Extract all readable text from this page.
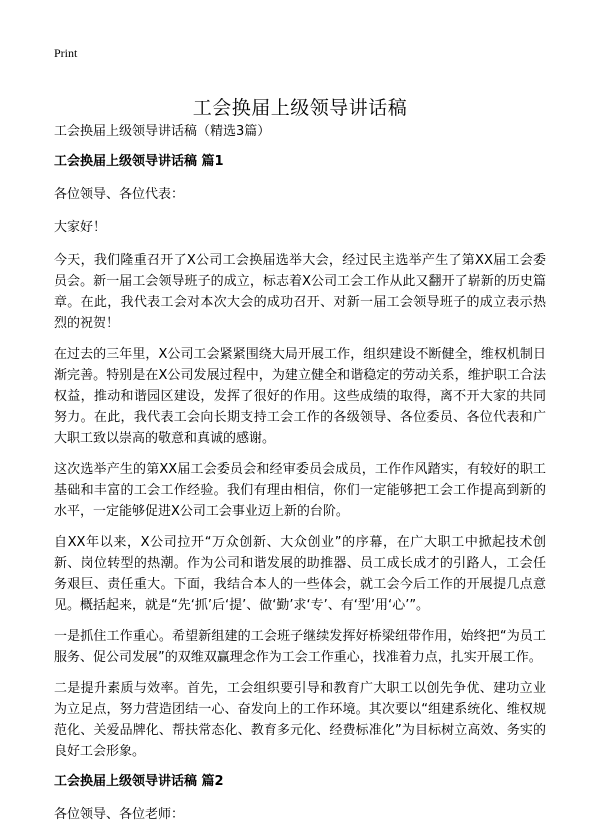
Print
工会换届上级领导讲话稿

工会换届上级领导讲话稿（精选3篇）

工会换届上级领导讲话稿 篇1

各位领导、各位代表：

大家好！

今天，我们隆重召开了X公司工会换届选举大会，经过民主选举产生了第XX届工会委员会。新一届工会领导班子的成立，标志着X公司工会工作从此又翻开了崭新的历史篇章。在此，我代表工会对本次大会的成功召开、对新一届工会领导班子的成立表示热烈的祝贺！

在过去的三年里，X公司工会紧紧围绕大局开展工作，组织建设不断健全，维权机制日渐完善。特别是在X公司发展过程中，为建立健全和谐稳定的劳动关系，维护职工合法权益，推动和谐园区建设，发挥了很好的作用。这些成绩的取得，离不开大家的共同努力。在此，我代表工会向长期支持工会工作的各级领导、各位委员、各位代表和广大职工致以崇高的敬意和真诚的感谢。

这次选举产生的第XX届工会委员会和经审委员会成员，工作作风踏实，有较好的职工基础和丰富的工会工作经验。我们有理由相信，你们一定能够把工会工作提高到新的水平，一定能够促进X公司工会事业迈上新的台阶。

自XX年以来，X公司拉开“万众创新、大众创业”的序幕，在广大职工中掀起技术创新、岗位转型的热潮。作为公司和谐发展的助推器、员工成长成才的引路人，工会任务艰巨、责任重大。下面，我结合本人的一些体会，就工会今后工作的开展提几点意见。概括起来，就是“先‘抓’后‘提’、做‘勤’求‘专’、有‘型’用‘心’”。

一是抓住工作重心。希望新组建的工会班子继续发挥好桥梁纽带作用，始终把“为员工服务、促公司发展”的双维双赢理念作为工会工作重心，找准着力点，扎实开展工作。

二是提升素质与效率。首先，工会组织要引导和教育广大职工以创先争优、建功立业为立足点，努力营造团结一心、奋发向上的工作环境。其次要以“组建系统化、维权规范化、关爱品牌化、帮扶常态化、教育多元化、经费标准化”为目标树立高效、务实的良好工会形象。

工会换届上级领导讲话稿 篇2

各位领导、各位老师：
